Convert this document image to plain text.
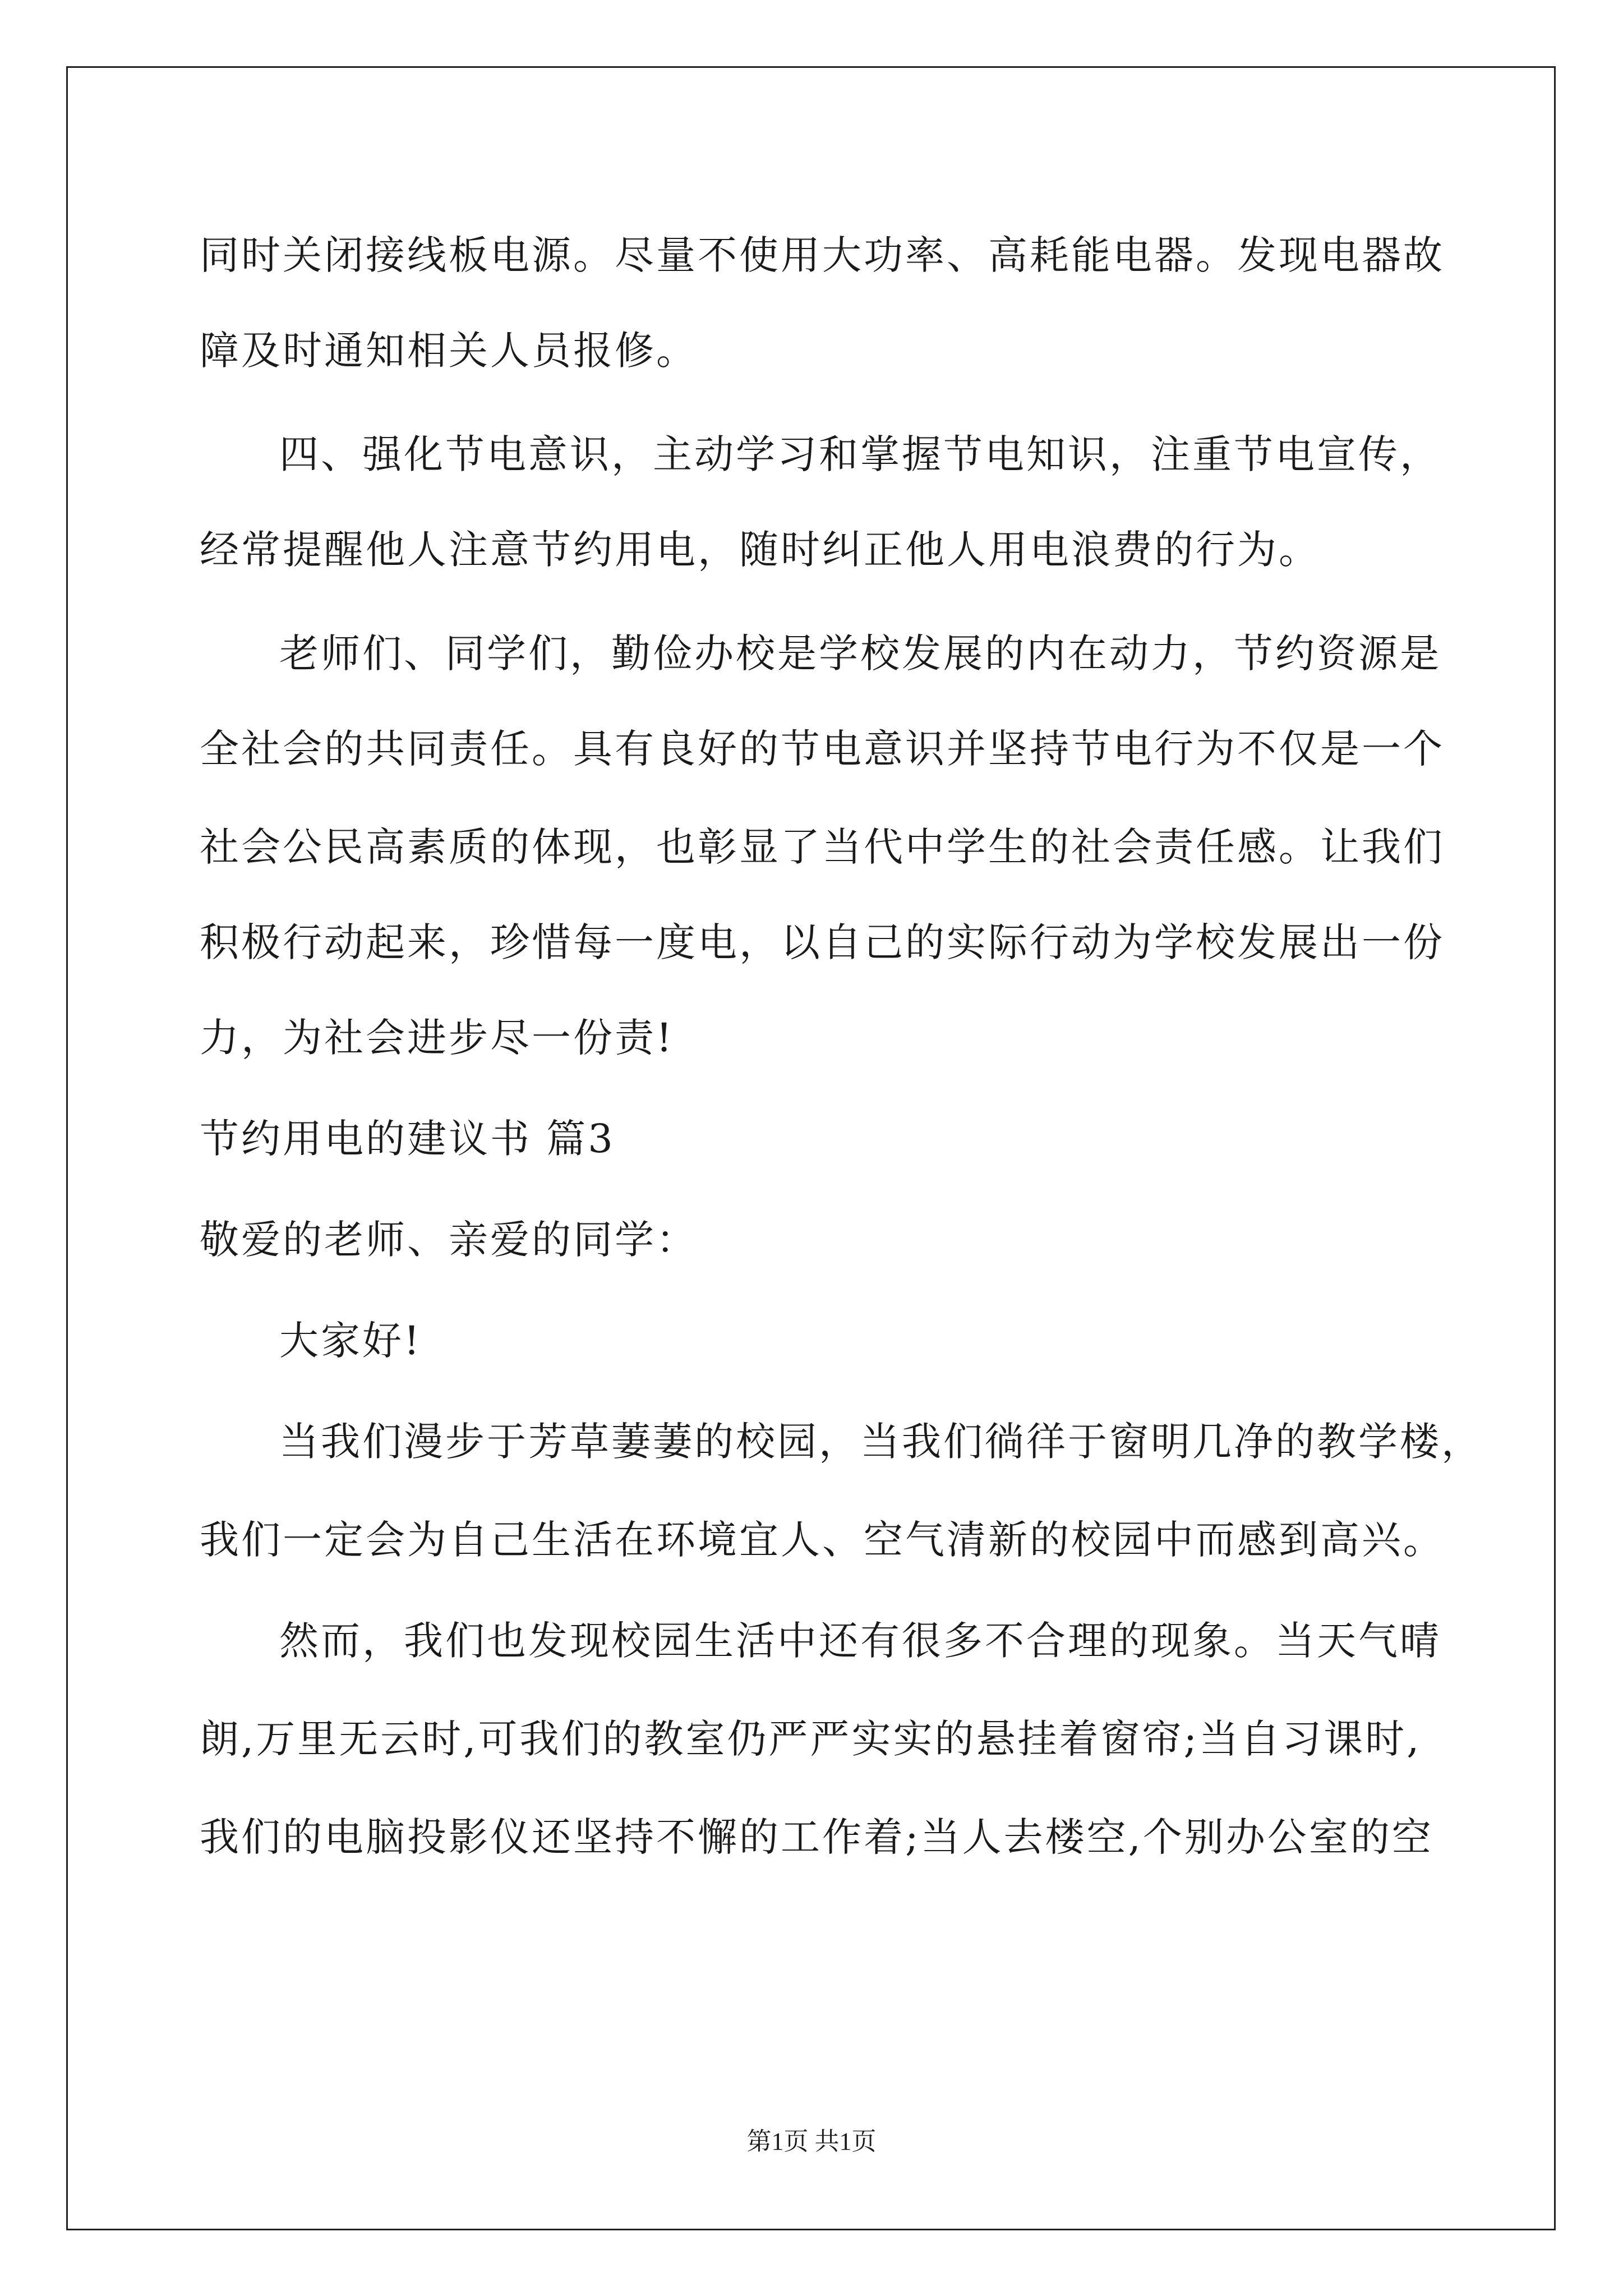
同时关闭接线板电源。尽量不使用大功率、高耗能电器。发现电器故
障及时通知相关人员报修。
四、强化节电意识，主动学习和掌握节电知识，注重节电宣传，
经常提醒他人注意节约用电，随时纠正他人用电浪费的行为。
老师们、同学们，勤俭办校是学校发展的内在动力，节约资源是
全社会的共同责任。具有良好的节电意识并坚持节电行为不仅是一个
社会公民高素质的体现，也彰显了当代中学生的社会责任感。让我们
积极行动起来，珍惜每一度电，以自己的实际行动为学校发展出一份
力，为社会进步尽一份责!
节约用电的建议书 篇3
敬爱的老师、亲爱的同学：
大家好!
当我们漫步于芳草萋萋的校园，当我们徜徉于窗明几净的教学楼，
我们一定会为自己生活在环境宜人、空气清新的校园中而感到高兴。
然而，我们也发现校园生活中还有很多不合理的现象。当天气晴
朗,万里无云时,可我们的教室仍严严实实的悬挂着窗帘;当自习课时,
我们的电脑投影仪还坚持不懈的工作着;当人去楼空,个别办公室的空
第1页 共1页
